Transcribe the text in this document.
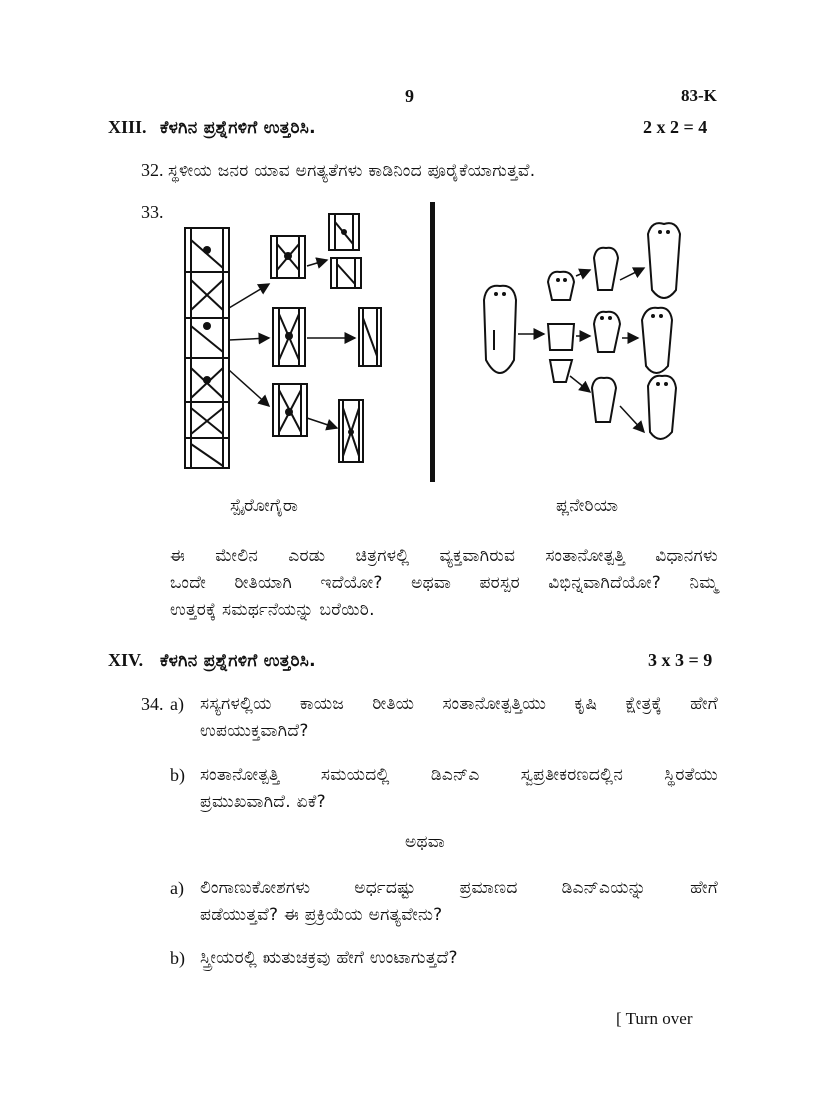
9	83-K
XIII. ಕೆಳಗಿನ ಪ್ರಶ್ನೆಗಳಿಗೆ ಉತ್ತರಿಸಿ.	2 x 2 = 4
32. ಸ್ಥಳೀಯ ಜನರ ಯಾವ ಅಗತ್ಯತೆಗಳು ಕಾಡಿನಿಂದ ಪೂರೈಕೆಯಾಗುತ್ತವೆ.
33.
ಸ್ಪೈರೋಗೈರಾ	ಪ್ಲನೇರಿಯಾ
ಈ ಮೇಲಿನ ಎರಡು ಚಿತ್ರಗಳಲ್ಲಿ ವ್ಯಕ್ತವಾಗಿರುವ ಸಂತಾನೋತ್ಪತ್ತಿ ವಿಧಾನಗಳು
ಒಂದೇ ರೀತಿಯಾಗಿ ಇದೆಯೋ? ಅಥವಾ ಪರಸ್ಪರ ವಿಭಿನ್ನವಾಗಿದೆಯೋ? ನಿಮ್ಮ
ಉತ್ತರಕ್ಕೆ ಸಮರ್ಥನೆಯನ್ನು ಬರೆಯಿರಿ.
XIV. ಕೆಳಗಿನ ಪ್ರಶ್ನೆಗಳಿಗೆ ಉತ್ತರಿಸಿ.	3 x 3 = 9
34. a) ಸಸ್ಯಗಳಲ್ಲಿಯ ಕಾಯಜ ರೀತಿಯ ಸಂತಾನೋತ್ಪತ್ತಿಯು ಕೃಷಿ ಕ್ಷೇತ್ರಕ್ಕೆ ಹೇಗೆ
ಉಪಯುಕ್ತವಾಗಿದೆ?
b) ಸಂತಾನೋತ್ಪತ್ತಿ ಸಮಯದಲ್ಲಿ ಡಿಎನ್‍ಎ ಸ್ವಪ್ರತೀಕರಣದಲ್ಲಿನ ಸ್ಥಿರತೆಯು
ಪ್ರಮುಖವಾಗಿದೆ. ಏಕೆ?
ಅಥವಾ
a) ಲಿಂಗಾಣುಕೋಶಗಳು ಅರ್ಧದಷ್ಟು ಪ್ರಮಾಣದ ಡಿಎನ್‍ಎಯನ್ನು ಹೇಗೆ
ಪಡೆಯುತ್ತವೆ? ಈ ಪ್ರಕ್ರಿಯೆಯ ಅಗತ್ಯವೇನು?
b) ಸ್ತ್ರೀಯರಲ್ಲಿ ಋತುಚಕ್ರವು ಹೇಗೆ ಉಂಟಾಗುತ್ತದೆ?
[ Turn over
